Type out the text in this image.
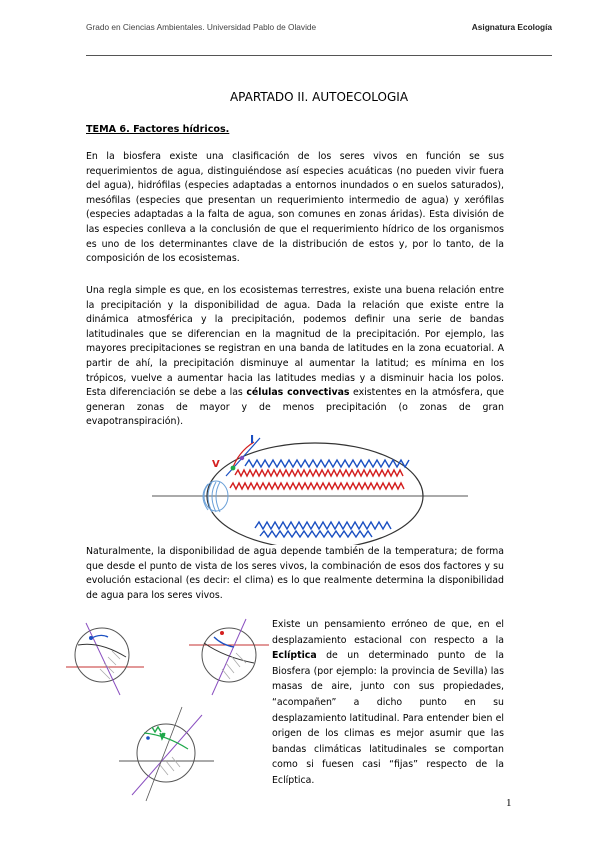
Grado en Ciencias Ambientales. Universidad Pablo de Olavide	Asignatura Ecología
APARTADO II. AUTOECOLOGIA
TEMA 6. Factores hídricos.

En la biosfera existe una clasificación de los seres vivos en función se sus requerimientos de agua, distinguiéndose así especies acuáticas (no pueden vivir fuera del agua), hidrófilas (especies adaptadas a entornos inundados o en suelos saturados), mesófilas (especies que presentan un requerimiento intermedio de agua) y xerófilas (especies adaptadas a la falta de agua, son comunes en zonas áridas). Esta división de las especies conlleva a la conclusión de que el requerimiento hídrico de los organismos es uno de los determinantes clave de la distribución de estos y, por lo tanto, de la composición de los ecosistemas.

Una regla simple es que, en los ecosistemas terrestres, existe una buena relación entre la precipitación y la disponibilidad de agua. Dada la relación que existe entre la dinámica atmosférica y la precipitación, podemos definir una serie de bandas latitudinales que se diferencian en la magnitud de la precipitación. Por ejemplo, las mayores precipitaciones se registran en una banda de latitudes en la zona ecuatorial. A partir de ahí, la precipitación disminuye al aumentar la latitud; es mínima en los trópicos, vuelve a aumentar hacia las latitudes medias y a disminuir hacia los polos. Esta diferenciación se debe a las células convectivas existentes en la atmósfera, que generan zonas de mayor y de menos precipitación (o zonas de gran evapotranspiración).

I
V

Naturalmente, la disponibilidad de agua depende también de la temperatura; de forma que desde el punto de vista de los seres vivos, la combinación de esos dos factores y su evolución estacional (es decir: el clima) es lo que realmente determina la disponibilidad de agua para los seres vivos.

Existe un pensamiento erróneo de que, en el desplazamiento estacional con respecto a la Eclíptica de un determinado punto de la Biosfera (por ejemplo: la provincia de Sevilla) las masas de aire, junto con sus propiedades, “acompañen” a dicho punto en su desplazamiento latitudinal. Para entender bien el origen de los climas es mejor asumir que las bandas climáticas latitudinales se comportan como si fuesen casi “fijas” respecto de la Eclíptica.

1
